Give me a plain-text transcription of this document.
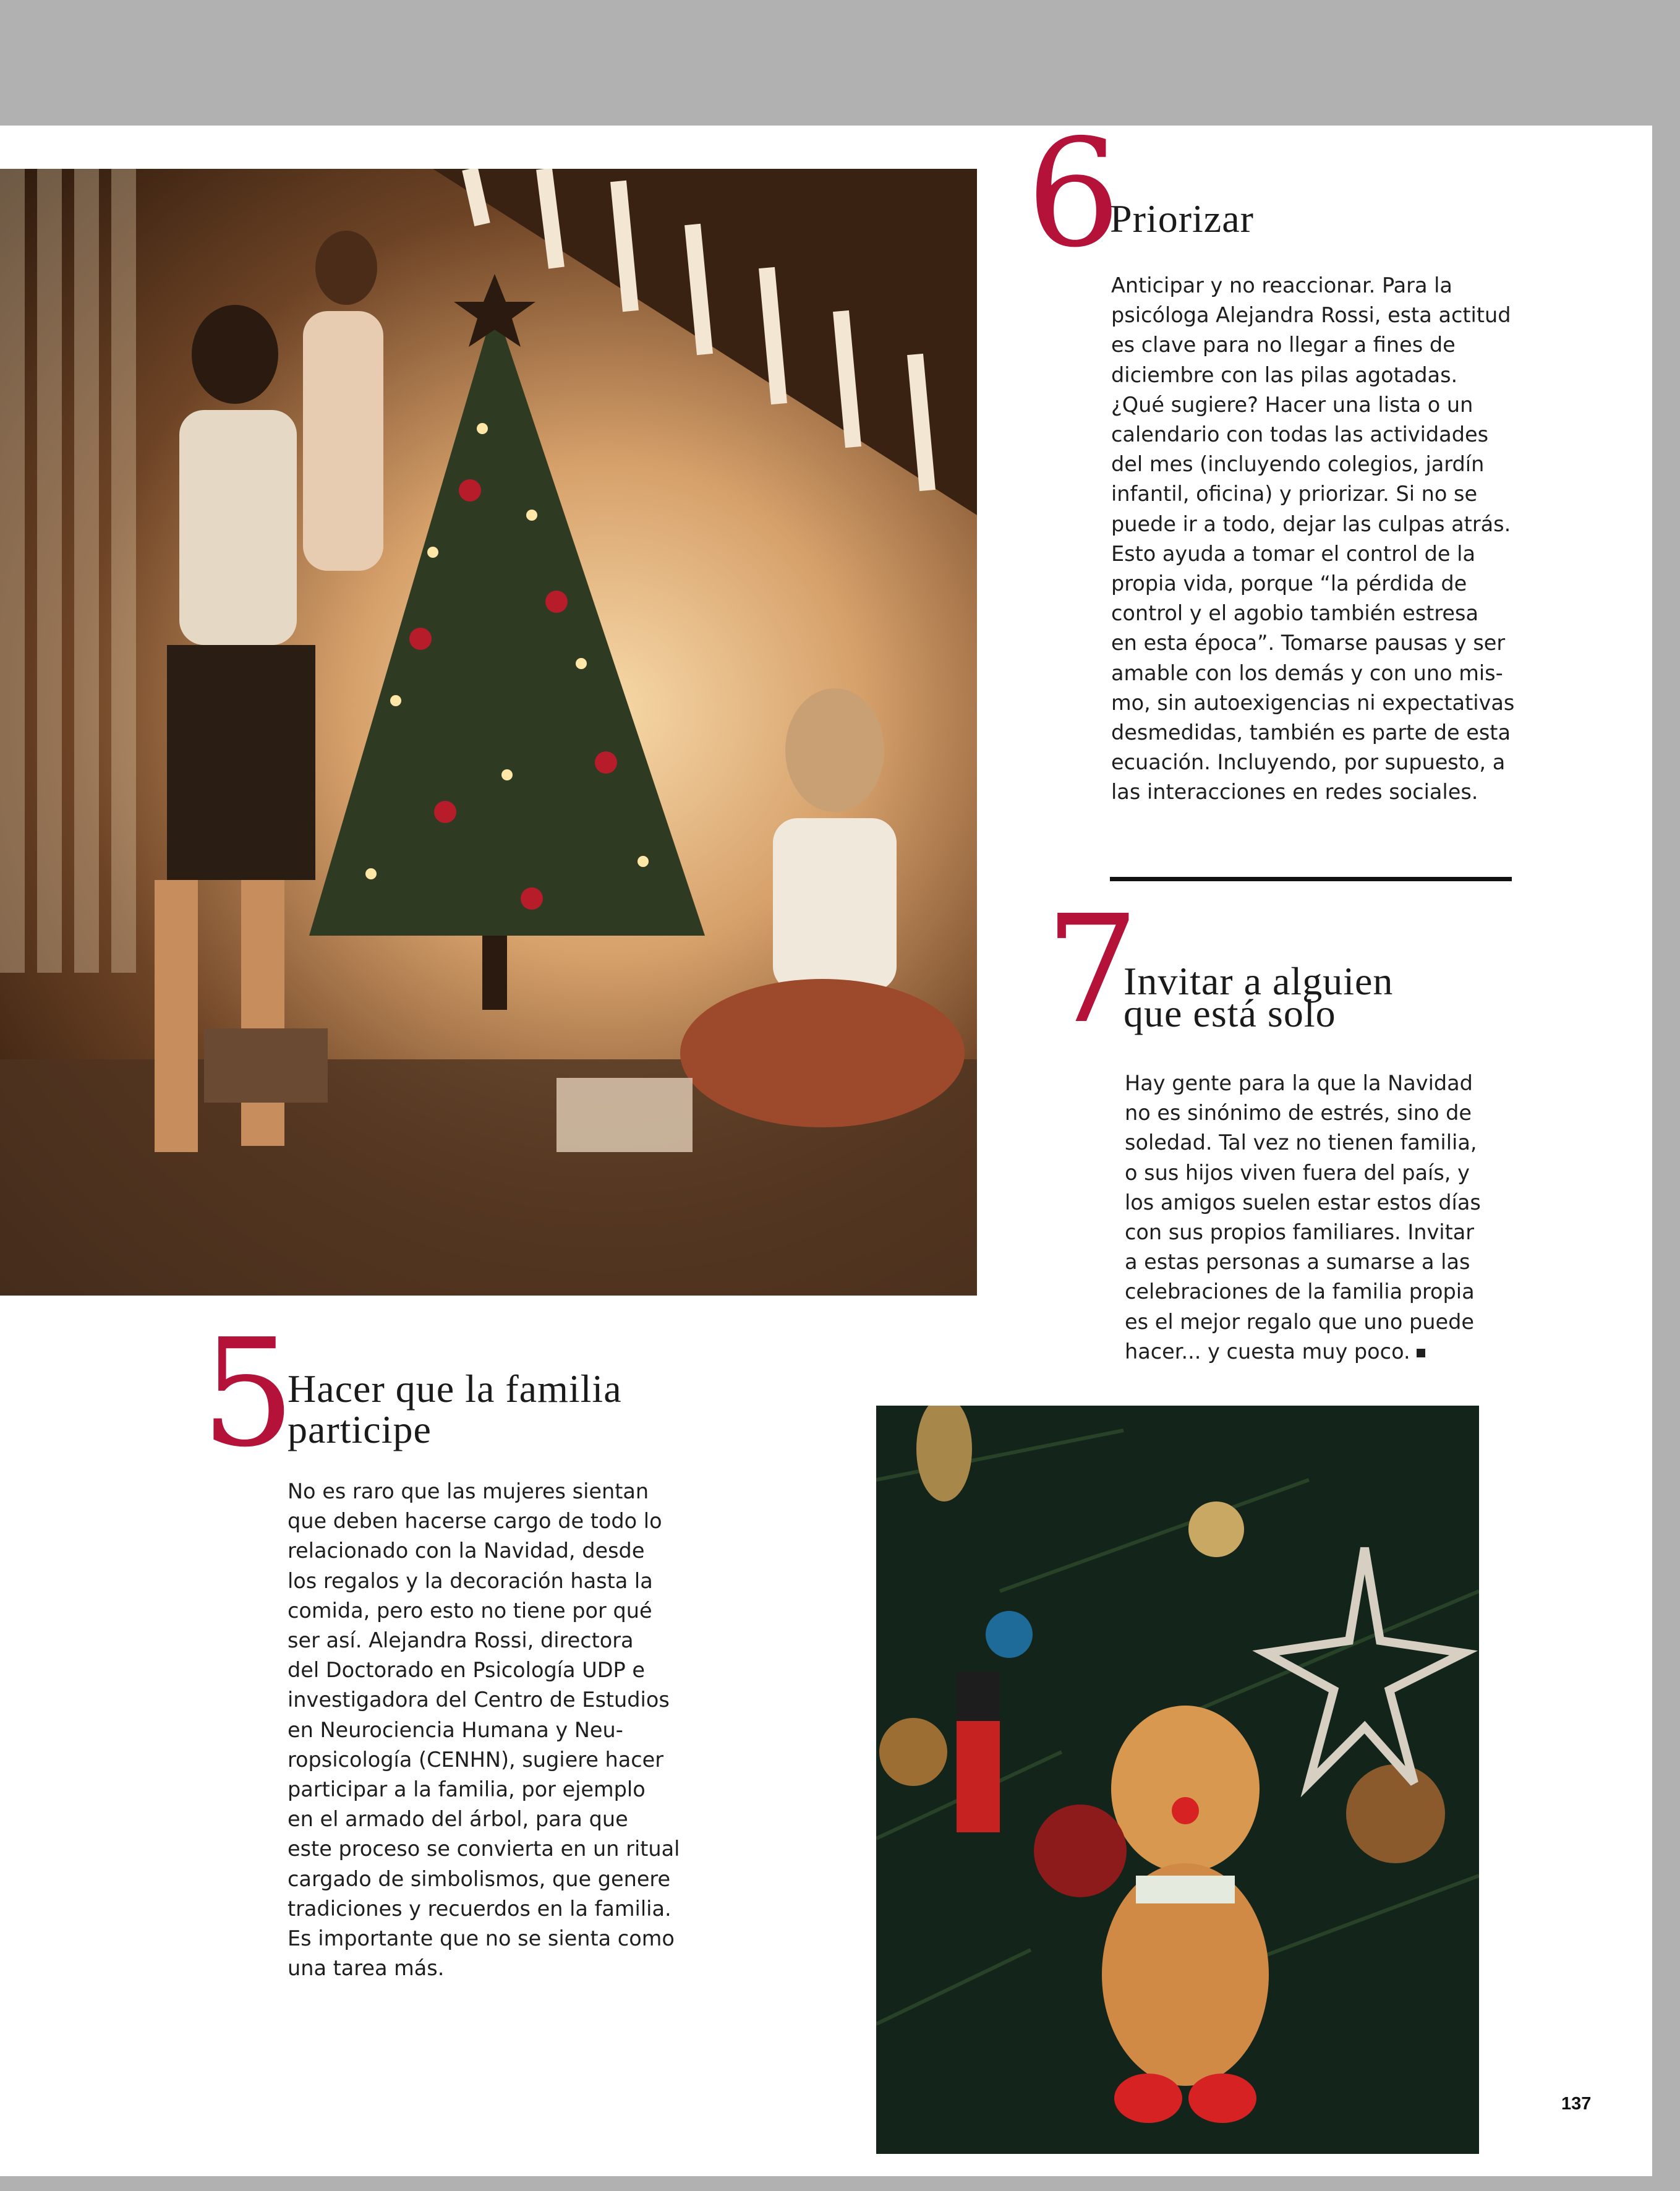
6
Priorizar

Anticipar y no reaccionar. Para la
psicóloga Alejandra Rossi, esta actitud
es clave para no llegar a fines de
diciembre con las pilas agotadas.
¿Qué sugiere? Hacer una lista o un
calendario con todas las actividades
del mes (incluyendo colegios, jardín
infantil, oficina) y priorizar. Si no se
puede ir a todo, dejar las culpas atrás.
Esto ayuda a tomar el control de la
propia vida, porque “la pérdida de
control y el agobio también estresa
en esta época”. Tomarse pausas y ser
amable con los demás y con uno mis-
mo, sin autoexigencias ni expectativas
desmedidas, también es parte de esta
ecuación. Incluyendo, por supuesto, a
las interacciones en redes sociales.

7
Invitar a alguien
que está solo

Hay gente para la que la Navidad
no es sinónimo de estrés, sino de
soledad. Tal vez no tienen familia,
o sus hijos viven fuera del país, y
los amigos suelen estar estos días
con sus propios familiares. Invitar
a estas personas a sumarse a las
celebraciones de la familia propia
es el mejor regalo que uno puede
hacer... y cuesta muy poco.

5
Hacer que la familia
participe

No es raro que las mujeres sientan
que deben hacerse cargo de todo lo
relacionado con la Navidad, desde
los regalos y la decoración hasta la
comida, pero esto no tiene por qué
ser así. Alejandra Rossi, directora
del Doctorado en Psicología UDP e
investigadora del Centro de Estudios
en Neurociencia Humana y Neu-
ropsicología (CENHN), sugiere hacer
participar a la familia, por ejemplo
en el armado del árbol, para que
este proceso se convierta en un ritual
cargado de simbolismos, que genere
tradiciones y recuerdos en la familia.
Es importante que no se sienta como
una tarea más.

137
